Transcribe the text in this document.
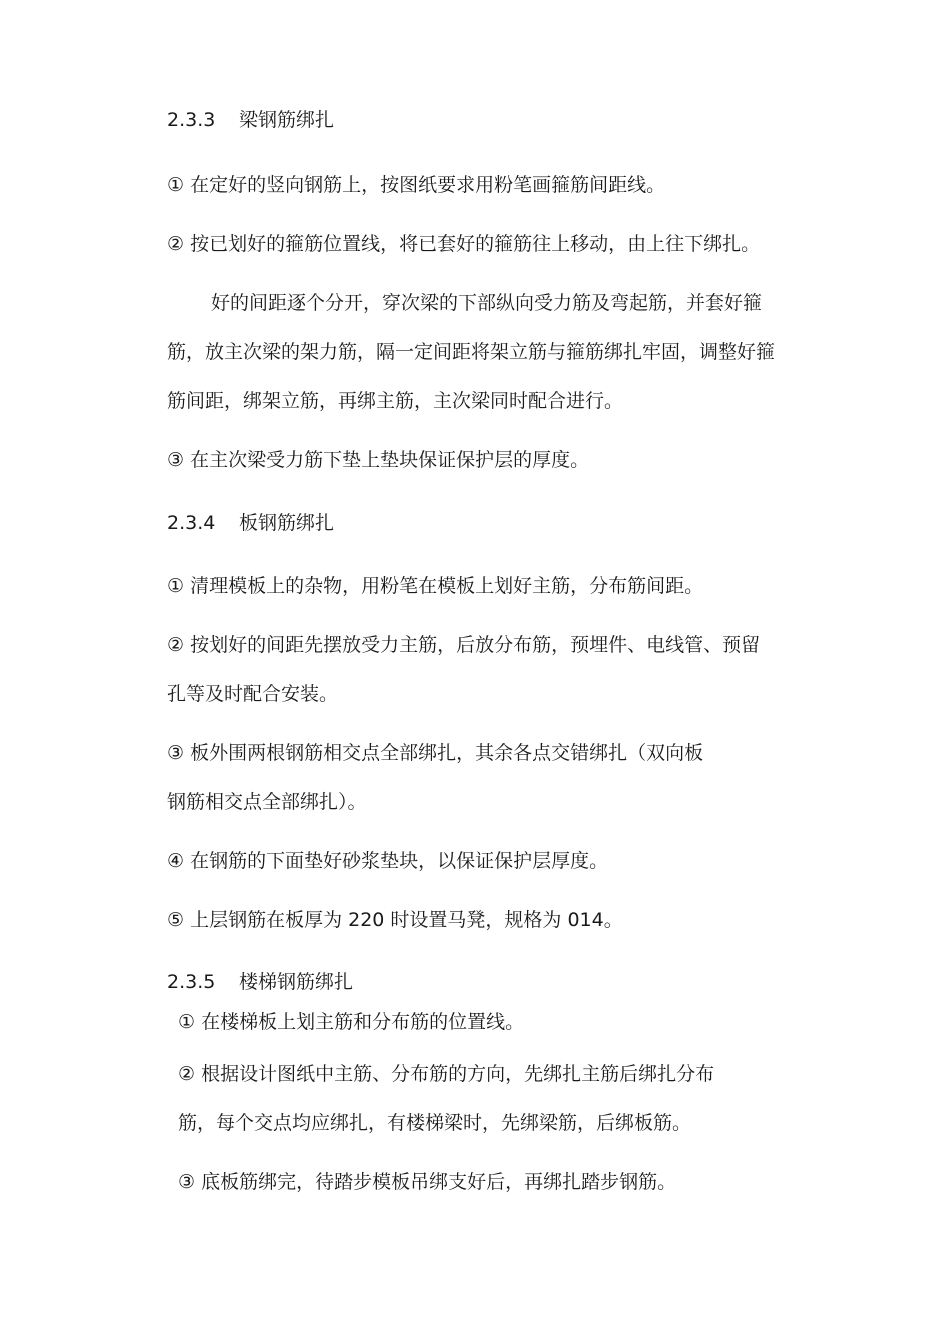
2.3.3 梁钢筋绑扎
① 在定好的竖向钢筋上，按图纸要求用粉笔画箍筋间距线。
② 按已划好的箍筋位置线，将已套好的箍筋往上移动，由上往下绑扎。
好的间距逐个分开，穿次梁的下部纵向受力筋及弯起筋，并套好箍
筋，放主次梁的架力筋，隔一定间距将架立筋与箍筋绑扎牢固，调整好箍
筋间距，绑架立筋，再绑主筋，主次梁同时配合进行。
③ 在主次梁受力筋下垫上垫块保证保护层的厚度。
2.3.4 板钢筋绑扎
① 清理模板上的杂物，用粉笔在模板上划好主筋，分布筋间距。
② 按划好的间距先摆放受力主筋，后放分布筋，预埋件、电线管、预留
孔等及时配合安装。
③ 板外围两根钢筋相交点全部绑扎，其余各点交错绑扎（双向板
钢筋相交点全部绑扎）。
④ 在钢筋的下面垫好砂浆垫块，以保证保护层厚度。
⑤ 上层钢筋在板厚为 220 时设置马凳，规格为 014。
2.3.5 楼梯钢筋绑扎
① 在楼梯板上划主筋和分布筋的位置线。
② 根据设计图纸中主筋、分布筋的方向，先绑扎主筋后绑扎分布
筋，每个交点均应绑扎，有楼梯梁时，先绑梁筋，后绑板筋。
③ 底板筋绑完，待踏步模板吊绑支好后，再绑扎踏步钢筋。
